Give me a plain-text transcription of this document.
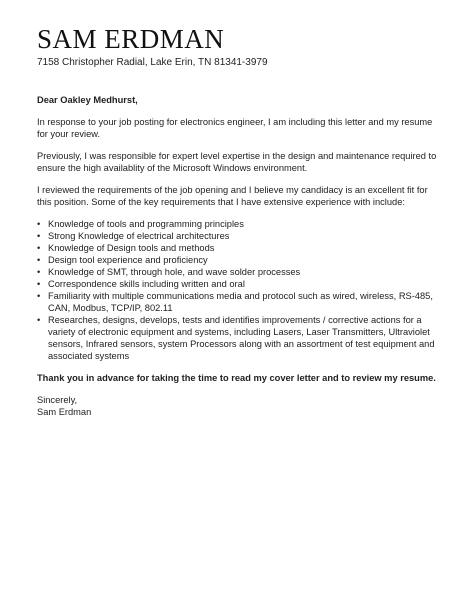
SAM ERDMAN
7158 Christopher Radial, Lake Erin, TN 81341-3979

Dear Oakley Medhurst,

In response to your job posting for electronics engineer, I am including this letter and my resume for your review.

Previously, I was responsible for expert level expertise in the design and maintenance required to ensure the high availablity of the Microsoft Windows environment.

I reviewed the requirements of the job opening and I believe my candidacy is an excellent fit for this position. Some of the key requirements that I have extensive experience with include:

• Knowledge of tools and programming principles
• Strong Knowledge of electrical architectures
• Knowledge of Design tools and methods
• Design tool experience and proficiency
• Knowledge of SMT, through hole, and wave solder processes
• Correspondence skills including written and oral
• Familiarity with multiple communications media and protocol such as wired, wireless, RS-485, CAN, Modbus, TCP/IP, 802.11
• Researches, designs, develops, tests and identifies improvements / corrective actions for a variety of electronic equipment and systems, including Lasers, Laser Transmitters, Ultraviolet sensors, Infrared sensors, system Processors along with an assortment of test equipment and associated systems

Thank you in advance for taking the time to read my cover letter and to review my resume.

Sincerely,

Sam Erdman
